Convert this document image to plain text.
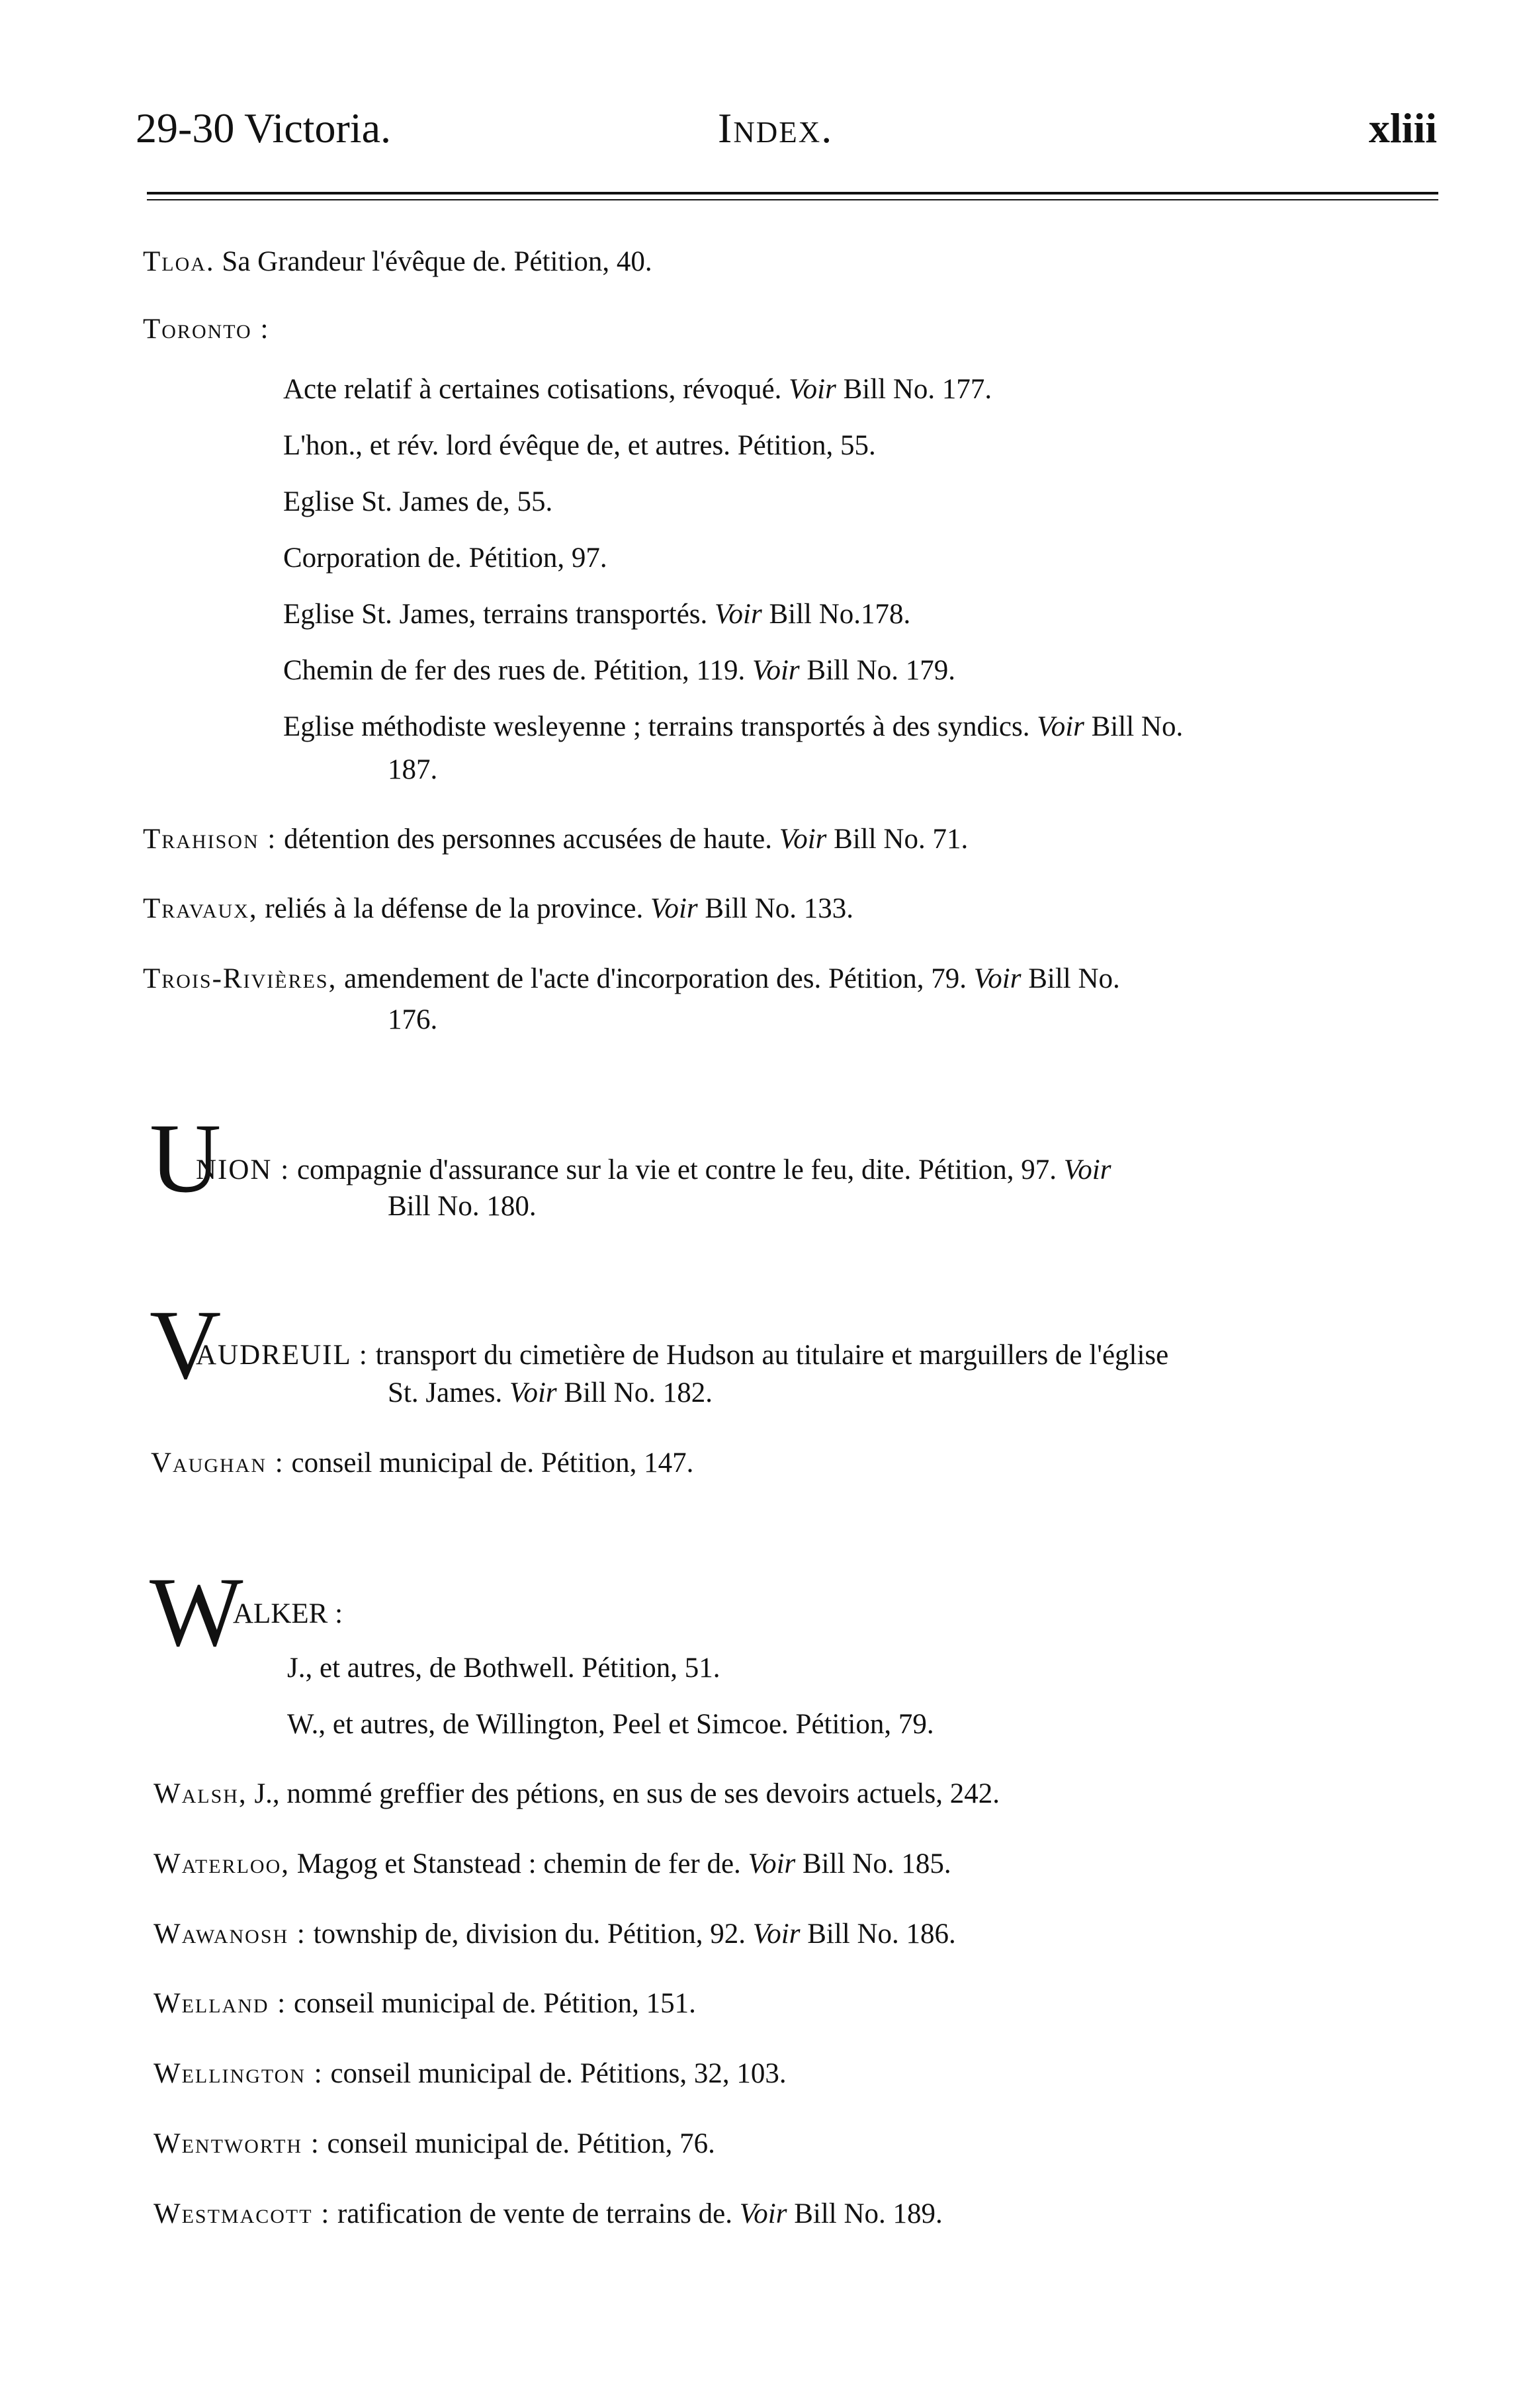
29-30 Victoria.	Index.	xliii
Tloa. Sa Grandeur l'évêque de. Pétition, 40.
Toronto :
Acte relatif à certaines cotisations, révoqué. Voir Bill No. 177.
L'hon., et rév. lord évêque de, et autres. Pétition, 55.
Eglise St. James de, 55.
Corporation de. Pétition, 97.
Eglise St. James, terrains transportés. Voir Bill No.178.
Chemin de fer des rues de. Pétition, 119. Voir Bill No. 179.
Eglise méthodiste wesleyenne ; terrains transportés à des syndics. Voir Bill No.
187.
Trahison : détention des personnes accusées de haute. Voir Bill No. 71.
Travaux, reliés à la défense de la province. Voir Bill No. 133.
Trois-Rivières, amendement de l'acte d'incorporation des. Pétition, 79. Voir Bill No.
176.
U
NION : compagnie d'assurance sur la vie et contre le feu, dite. Pétition, 97. Voir
Bill No. 180.
V
AUDREUIL : transport du cimetière de Hudson au titulaire et marguillers de l'église
St. James. Voir Bill No. 182.
Vaughan : conseil municipal de. Pétition, 147.
W
ALKER :
J., et autres, de Bothwell. Pétition, 51.
W., et autres, de Willington, Peel et Simcoe. Pétition, 79.
Walsh, J., nommé greffier des pétions, en sus de ses devoirs actuels, 242.
Waterloo, Magog et Stanstead : chemin de fer de. Voir Bill No. 185.
Wawanosh : township de, division du. Pétition, 92. Voir Bill No. 186.
Welland : conseil municipal de. Pétition, 151.
Wellington : conseil municipal de. Pétitions, 32, 103.
Wentworth : conseil municipal de. Pétition, 76.
Westmacott : ratification de vente de terrains de. Voir Bill No. 189.
